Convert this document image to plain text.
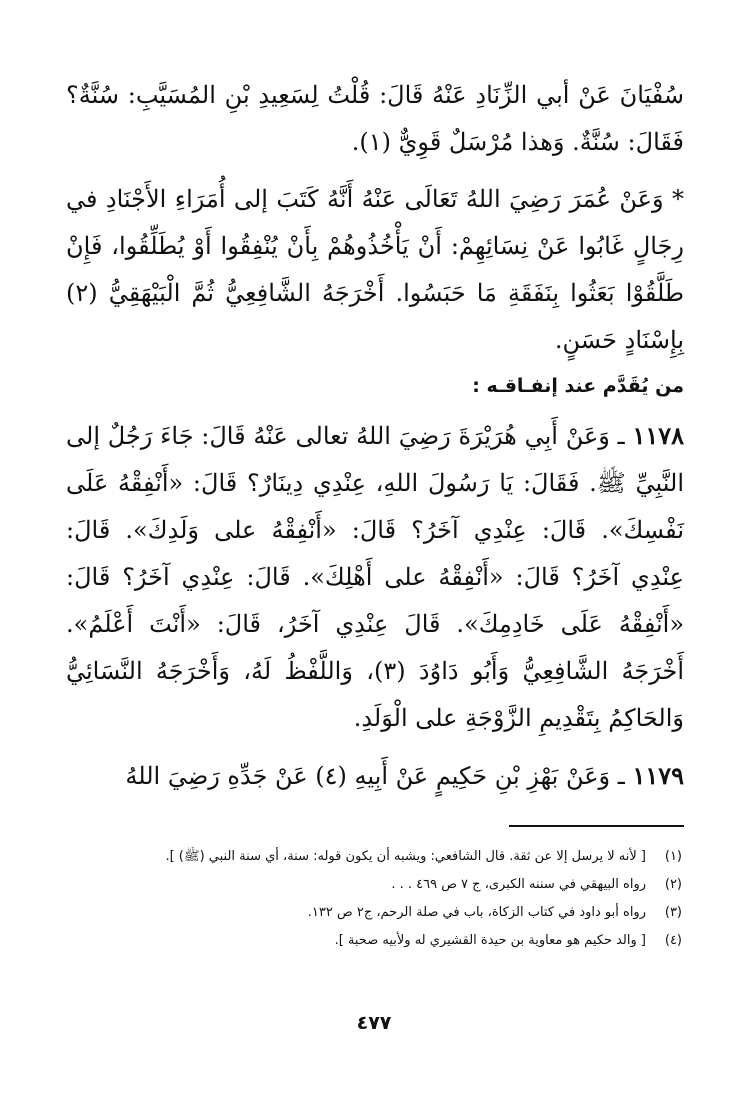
سُفْيَانَ عَنْ أبي الزِّنَادِ عَنْهُ قَالَ: قُلْتُ لِسَعِيدِ بْنِ المُسَيَّبِ: سُنَّةٌ؟ فَقَالَ: سُنَّةٌ. وَهذا مُرْسَلٌ قَوِيٌّ (١).

* وَعَنْ عُمَرَ رَضِيَ اللهُ تَعَالَى عَنْهُ أَنَّهُ كَتَبَ إلى أُمَرَاءِ الأَجْنَادِ في رِجَالٍ غَابُوا عَنْ نِسَائِهِمْ: أَنْ يَأْخُذُوهُمْ بِأَنْ يُنْفِقُوا أَوْ يُطَلِّقُوا، فَإِنْ طَلَّقُوْا بَعَثُوا بِنَفَقَةِ مَا حَبَسُوا. أَخْرَجَهُ الشَّافِعِيُّ ثُمَّ الْبَيْهَقِيُّ (٢) بِإِسْنَادٍ حَسَنٍ.

من يُقَدَّم عند إنفـاقـه :

١١٧٨ ـ وَعَنْ أَبِي هُرَيْرَةَ رَضِيَ اللهُ تعالى عَنْهُ قَالَ: جَاءَ رَجُلٌ إلى النَّبِيِّ ﷺ. فَقَالَ: يَا رَسُولَ اللهِ، عِنْدِي دِينَارٌ؟ قَالَ: «أَنْفِقْهُ عَلَى نَفْسِكَ». قَالَ: عِنْدِي آخَرُ؟ قَالَ: «أَنْفِقْهُ على وَلَدِكَ». قَالَ: عِنْدِي آخَرُ؟ قَالَ: «أَنْفِقْهُ على أَهْلِكَ». قَالَ: عِنْدِي آخَرُ؟ قَالَ: «أَنْفِقْهُ عَلَى خَادِمِكَ». قَالَ عِنْدِي آخَرُ، قَالَ: «أَنْتَ أَعْلَمُ». أَخْرَجَهُ الشَّافِعِيُّ وَأَبُو دَاوُدَ (٣)، وَاللَّفْظُ لَهُ، وَأَخْرَجَهُ النَّسَائِيُّ وَالحَاكِمُ بِتَقْدِيمِ الزَّوْجَةِ على الْوَلَدِ.

١١٧٩ ـ وَعَنْ بَهْزِ بْنِ حَكِيمٍ عَنْ أَبِيهِ (٤) عَنْ جَدِّهِ رَضِيَ اللهُ

(١)
[ لأنه لا يرسل إلا عن ثقة. قال الشافعي: ويشبه أن يكون قوله: سنة، أي سنة النبي (ﷺ) ].

(٢)
رواه البيهقي في سننه الكبرى، ج ٧ ص ٤٦٩ . . .

(٣)
رواه أبو داود في كتاب الزكاة، باب في صلة الرحم، ج٢ ص ١٣٢.

(٤)
[ والد حكيم هو معاوية بن حيدة القشيري له ولأبيه صحبة ].

٤٧٧
